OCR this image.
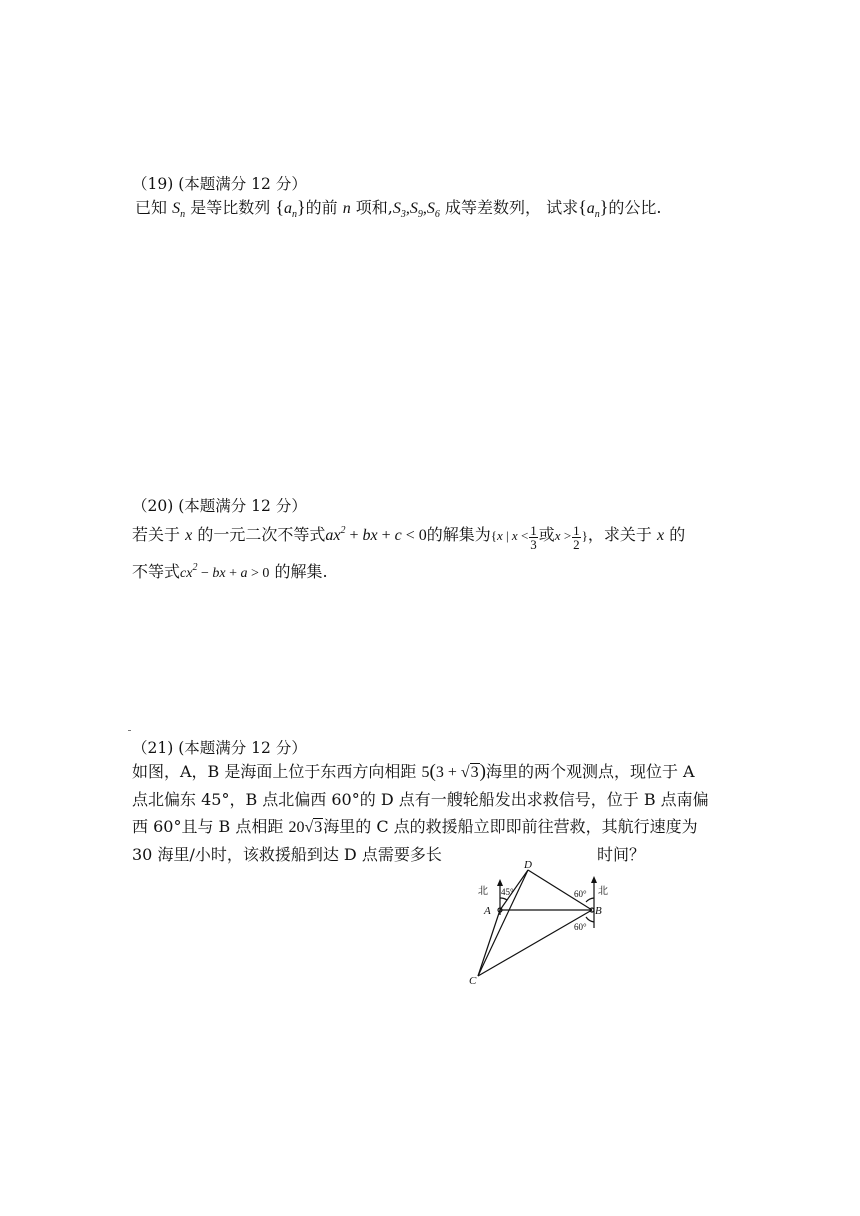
（19) (本题满分 12 分）
已知 $S_n$ 是等比数列 $\{a_n\}$的前 n 项和$,S_3,S_9,S_6$ 成等差数列， 试求$\{a_n\}$的公比.
（20) (本题满分 12 分）
若关于 x 的一元二次不等式$ax^2$ + bx + c < 0的解集为{x | $x < \frac{1}{3}$ 或$x > \frac{1}{2}$ }，求关于 x 的
不等式$cx^2$ − bx + a > 0 的解集.
（21) (本题满分 12 分）
如图，A，B 是海面上位于东西方向相距 5(3 + √3)海里的两个观测点，现位于 A
点北偏东 45°，B 点北偏西 60°的 D 点有一艘轮船发出求救信号，位于 B 点南偏
西 60°且与 B 点相距 20√3海里的 C 点的救援船立即即前往营救，其航行速度为
30 海里/小时，该救援船到达 D 点需要多长	时间？
D
A	B
C
北	北
45°	60°
60°
